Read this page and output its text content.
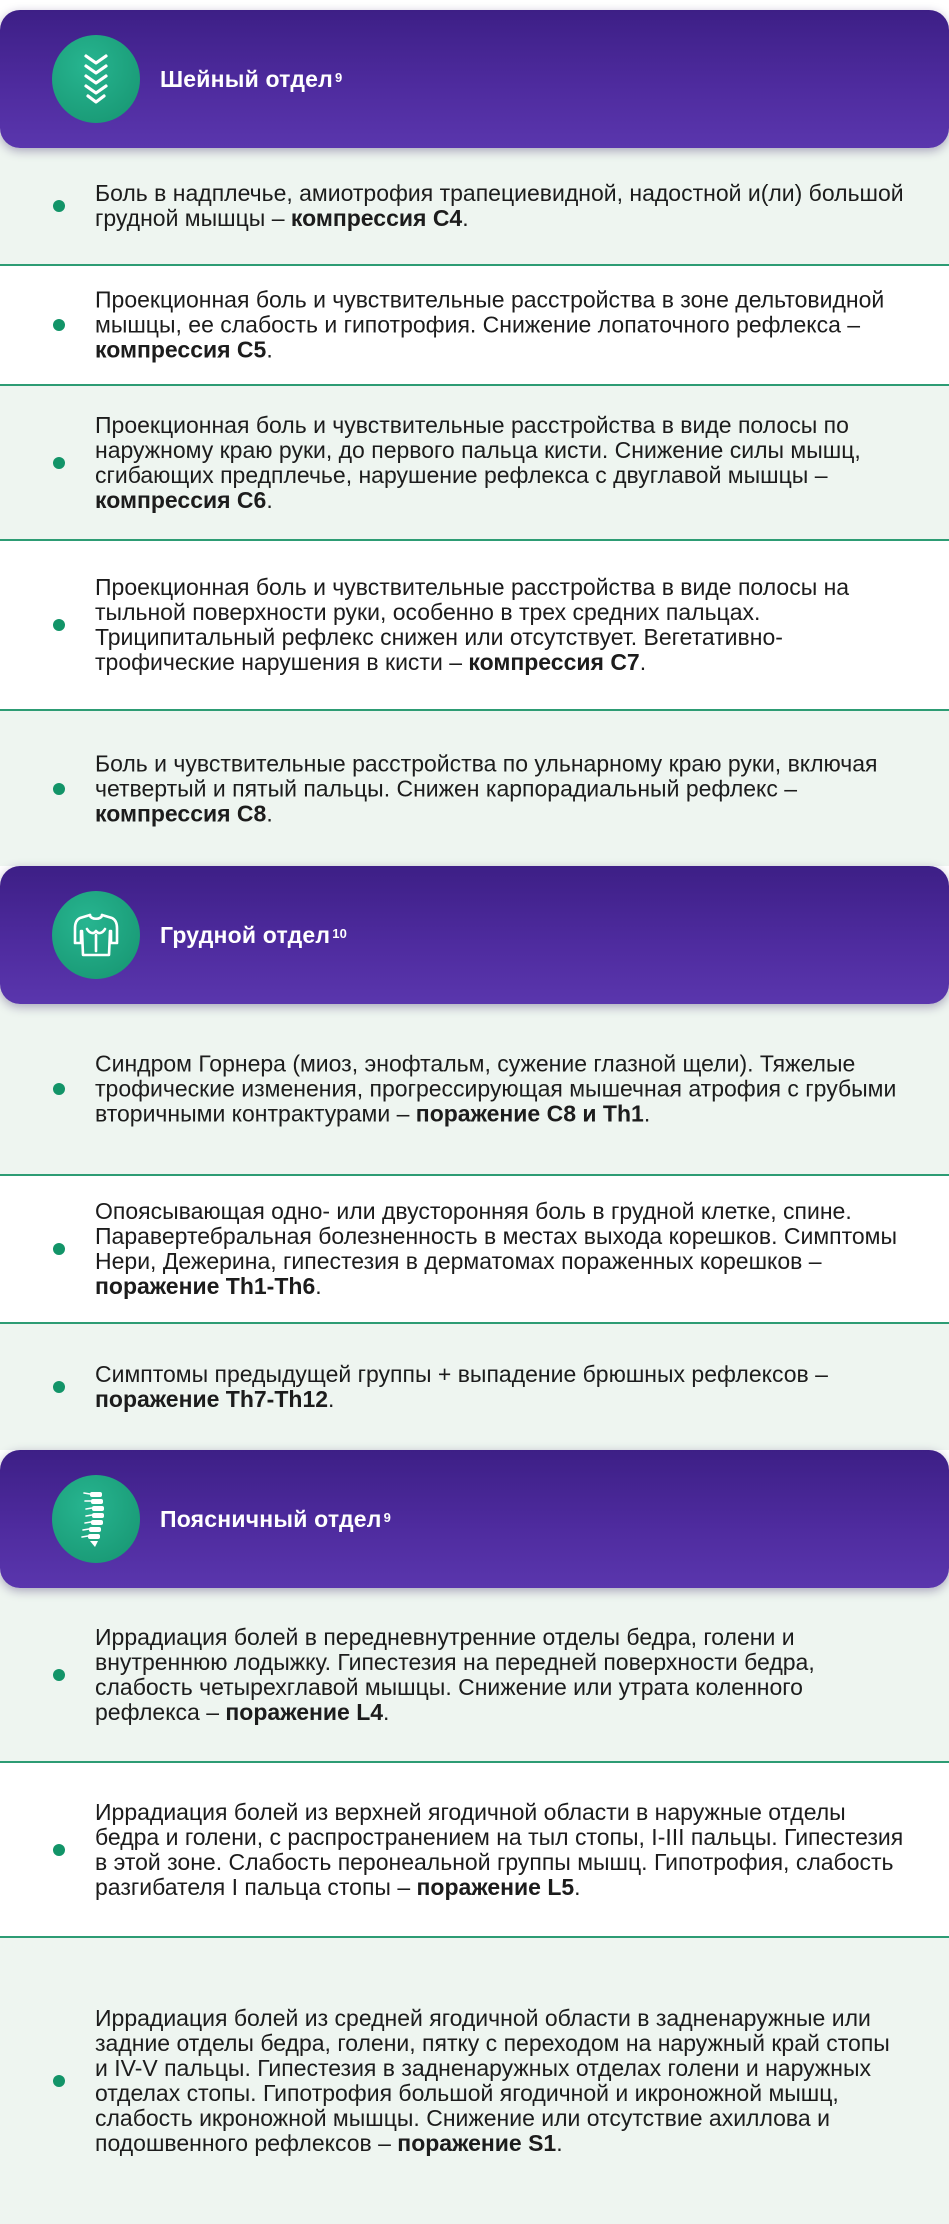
Шейный отдел$^9$
Боль в надплечье, амиотрофия трапециевидной, надостной и(ли) большой грудной мышцы – компрессия С4.
Проекционная боль и чувствительные расстройства в зоне дельтовидной мышцы, ее слабость и гипотрофия. Снижение лопаточного рефлекса – компрессия С5.
Проекционная боль и чувствительные расстройства в виде полосы по наружному краю руки, до первого пальца кисти. Снижение силы мышц, сгибающих предплечье, нарушение рефлекса с двуглавой мышцы – компрессия С6.
Проекционная боль и чувствительные расстройства в виде полосы на тыльной поверхности руки, особенно в трех средних пальцах. Триципитальный рефлекс снижен или отсутствует. Вегетативно-трофические нарушения в кисти – компрессия С7.
Боль и чувствительные расстройства по ульнарному краю руки, включая четвертый и пятый пальцы. Снижен карпорадиальный рефлекс – компрессия С8.
Грудной отдел$^{10}$
Синдром Горнера (миоз, энофтальм, сужение глазной щели). Тяжелые трофические изменения, прогрессирующая мышечная атрофия с грубыми вторичными контрактурами – поражение С8 и Th1.
Опоясывающая одно- или двусторонняя боль в грудной клетке, спине. Паравертебральная болезненность в местах выхода корешков. Симптомы Нери, Дежерина, гипестезия в дерматомах пораженных корешков – поражение Th1-Th6.
Симптомы предыдущей группы + выпадение брюшных рефлексов – поражение Th7-Th12.
Поясничный отдел$^9$
Иррадиация болей в передневнутренние отделы бедра, голени и внутреннюю лодыжку. Гипестезия на передней поверхности бедра, слабость четырехглавой мышцы. Снижение или утрата коленного рефлекса – поражение L4.
Иррадиация болей из верхней ягодичной области в наружные отделы бедра и голени, с распространением на тыл стопы, I-III пальцы. Гипестезия в этой зоне. Слабость перонеальной группы мышц. Гипотрофия, слабость разгибателя I пальца стопы – поражение L5.
Иррадиация болей из средней ягодичной области в задненаружные или задние отделы бедра, голени, пятку с переходом на наружный край стопы и IV-V пальцы. Гипестезия в задненаружных отделах голени и наружных отделах стопы. Гипотрофия большой ягодичной и икроножной мышц, слабость икроножной мышцы. Снижение или отсутствие ахиллова и подошвенного рефлексов – поражение S1.
